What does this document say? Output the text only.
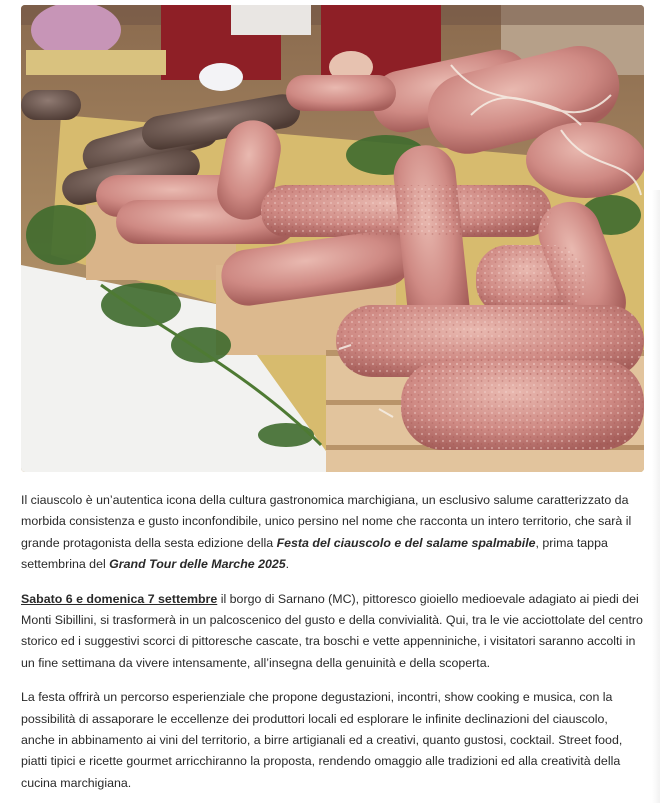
Il ciauscolo è un’autentica icona della cultura gastronomica marchigiana, un esclusivo salume caratterizzato da morbida consistenza e gusto inconfondibile, unico persino nel nome che racconta un intero territorio, che sarà il grande protagonista della sesta edizione della Festa del ciauscolo e del salame spalmabile, prima tappa settembrina del Grand Tour delle Marche 2025.

Sabato 6 e domenica 7 settembre il borgo di Sarnano (MC), pittoresco gioiello medioevale adagiato ai piedi dei Monti Sibillini, si trasformerà in un palcoscenico del gusto e della convivialità. Qui, tra le vie acciottolate del centro storico ed i suggestivi scorci di pittoresche cascate, tra boschi e vette appenniniche, i visitatori saranno accolti in un fine settimana da vivere intensamente, all’insegna della genuinità e della scoperta.

La festa offrirà un percorso esperienziale che propone degustazioni, incontri, show cooking e musica, con la possibilità di assaporare le eccellenze dei produttori locali ed esplorare le infinite declinazioni del ciauscolo, anche in abbinamento ai vini del territorio, a birre artigianali ed a creativi, quanto gustosi, cocktail. Street food, piatti tipici e ricette gourmet arricchiranno la proposta, rendendo omaggio alle tradizioni ed alla creatività della cucina marchigiana.
